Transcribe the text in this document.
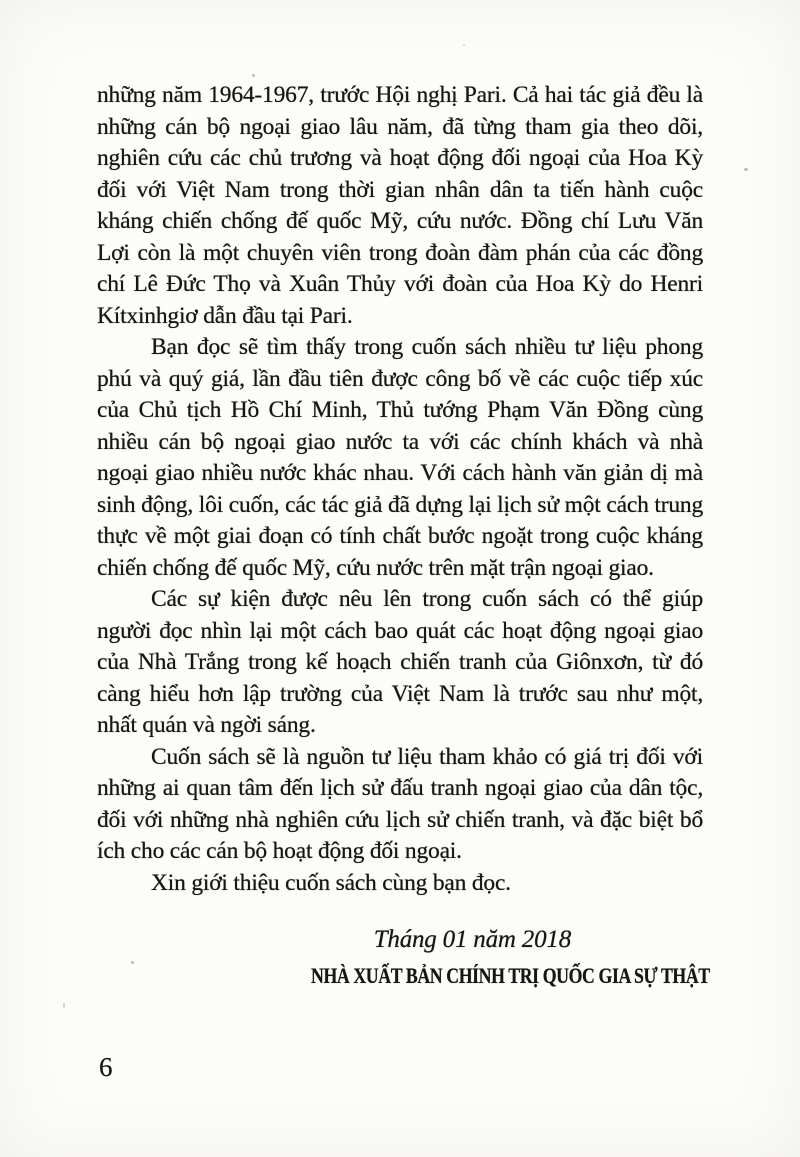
những năm 1964-1967, trước Hội nghị Pari. Cả hai tác giả đều là những cán bộ ngoại giao lâu năm, đã từng tham gia theo dõi, nghiên cứu các chủ trương và hoạt động đối ngoại của Hoa Kỳ đối với Việt Nam trong thời gian nhân dân ta tiến hành cuộc kháng chiến chống đế quốc Mỹ, cứu nước. Đồng chí Lưu Văn Lợi còn là một chuyên viên trong đoàn đàm phán của các đồng chí Lê Đức Thọ và Xuân Thủy với đoàn của Hoa Kỳ do Henri Kítxinhgiơ dẫn đầu tại Pari.

Bạn đọc sẽ tìm thấy trong cuốn sách nhiều tư liệu phong phú và quý giá, lần đầu tiên được công bố về các cuộc tiếp xúc của Chủ tịch Hồ Chí Minh, Thủ tướng Phạm Văn Đồng cùng nhiều cán bộ ngoại giao nước ta với các chính khách và nhà ngoại giao nhiều nước khác nhau. Với cách hành văn giản dị mà sinh động, lôi cuốn, các tác giả đã dựng lại lịch sử một cách trung thực về một giai đoạn có tính chất bước ngoặt trong cuộc kháng chiến chống đế quốc Mỹ, cứu nước trên mặt trận ngoại giao.

Các sự kiện được nêu lên trong cuốn sách có thể giúp người đọc nhìn lại một cách bao quát các hoạt động ngoại giao của Nhà Trắng trong kế hoạch chiến tranh của Giônxơn, từ đó càng hiểu hơn lập trường của Việt Nam là trước sau như một, nhất quán và ngời sáng.

Cuốn sách sẽ là nguồn tư liệu tham khảo có giá trị đối với những ai quan tâm đến lịch sử đấu tranh ngoại giao của dân tộc, đối với những nhà nghiên cứu lịch sử chiến tranh, và đặc biệt bổ ích cho các cán bộ hoạt động đối ngoại.

Xin giới thiệu cuốn sách cùng bạn đọc.

Tháng 01 năm 2018

NHÀ XUẤT BẢN CHÍNH TRỊ QUỐC GIA SỰ THẬT

6
